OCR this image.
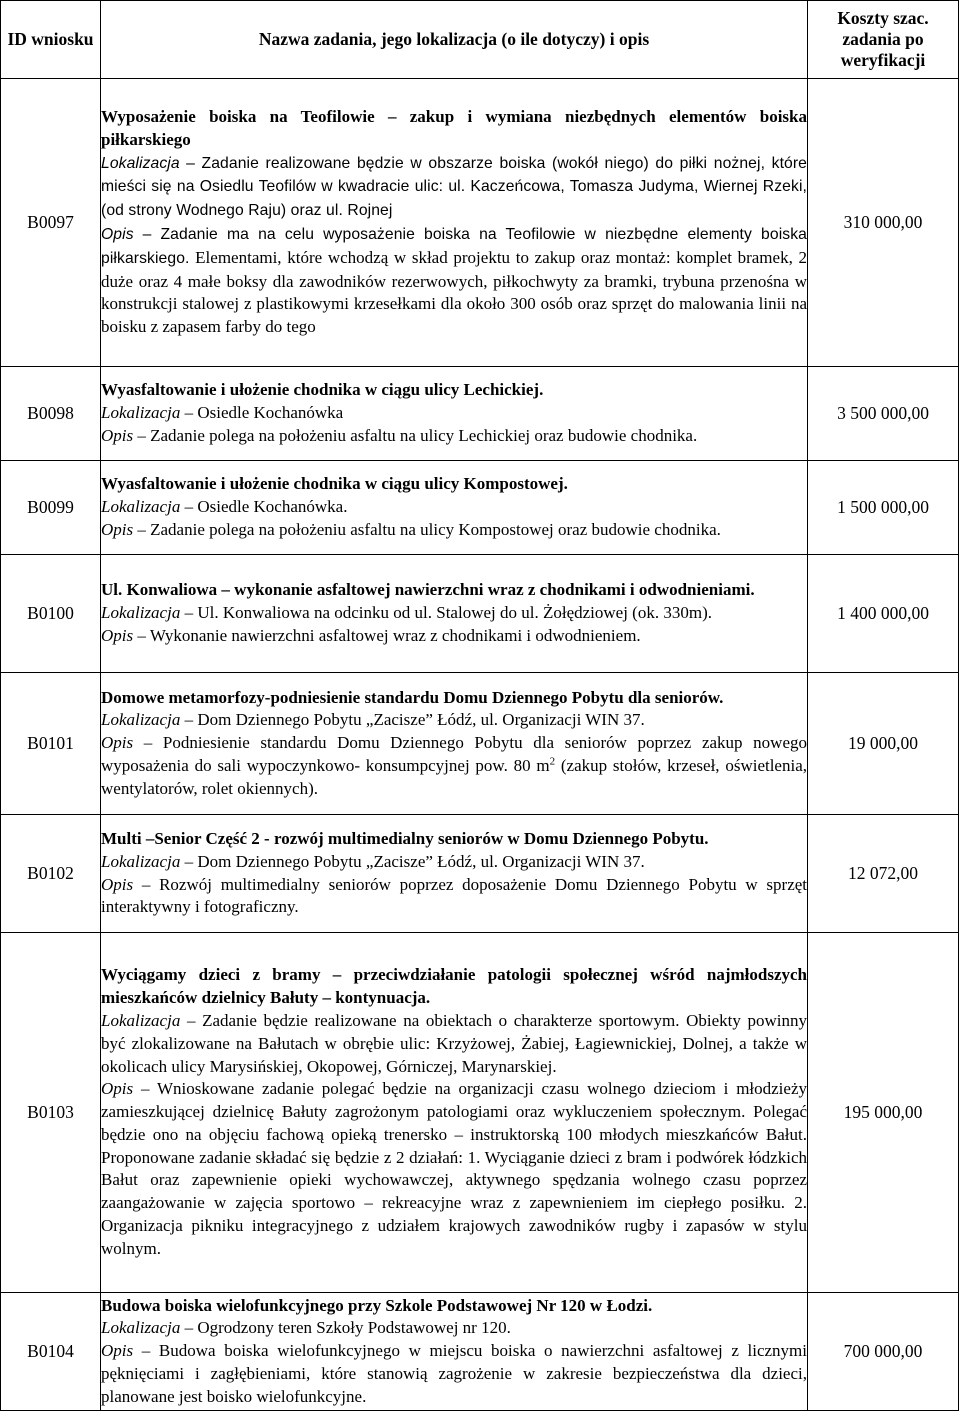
ID wniosku	Nazwa zadania, jego lokalizacja (o ile dotyczy) i opis	Koszty szac. zadania po weryfikacji
B0097	Wyposażenie boiska na Teofilowie – zakup i wymiana niezbędnych elementów boiska piłkarskiego

Lokalizacja – Zadanie realizowane będzie w obszarze boiska (wokół niego) do piłki nożnej, które mieści się na Osiedlu Teofilów w kwadracie ulic: ul. Kaczeńcowa, Tomasza Judyma, Wiernej Rzeki, (od strony Wodnego Raju) oraz ul. Rojnej

Opis – Zadanie ma na celu wyposażenie boiska na Teofilowie w niezbędne elementy boiska piłkarskiego. Elementami, które wchodzą w skład projektu to zakup oraz montaż: komplet bramek, 2 duże oraz 4 małe boksy dla zawodników rezerwowych, piłkochwyty za bramki, trybuna przenośna w konstrukcji stalowej z plastikowymi krzesełkami dla około 300 osób oraz sprzęt do malowania linii na boisku z zapasem farby do tego	310 000,00
B0098	Wyasfaltowanie i ułożenie chodnika w ciągu ulicy Lechickiej.

Lokalizacja – Osiedle Kochanówka

Opis – Zadanie polega na położeniu asfaltu na ulicy Lechickiej oraz budowie chodnika.	3 500 000,00
B0099	Wyasfaltowanie i ułożenie chodnika w ciągu ulicy Kompostowej.

Lokalizacja – Osiedle Kochanówka.

Opis – Zadanie polega na położeniu asfaltu na ulicy Kompostowej oraz budowie chodnika.	1 500 000,00
B0100	Ul. Konwaliowa – wykonanie asfaltowej nawierzchni wraz z chodnikami i odwodnieniami.

Lokalizacja – Ul. Konwaliowa na odcinku od ul. Stalowej do ul. Żołędziowej (ok. 330m).

Opis – Wykonanie nawierzchni asfaltowej wraz z chodnikami i odwodnieniem.	1 400 000,00
B0101	Domowe metamorfozy-podniesienie standardu Domu Dziennego Pobytu dla seniorów.

Lokalizacja – Dom Dziennego Pobytu „Zacisze” Łódź, ul. Organizacji WIN 37.

Opis – Podniesienie standardu Domu Dziennego Pobytu dla seniorów poprzez zakup nowego wyposażenia do sali wypoczynkowo- konsumpcyjnej pow. 80 $m^2$ (zakup stołów, krzeseł, oświetlenia, wentylatorów, rolet okiennych).	19 000,00
B0102	Multi –Senior Część 2 - rozwój multimedialny seniorów w Domu Dziennego Pobytu.

Lokalizacja – Dom Dziennego Pobytu „Zacisze” Łódź, ul. Organizacji WIN 37.

Opis – Rozwój multimedialny seniorów poprzez doposażenie Domu Dziennego Pobytu w sprzęt interaktywny i fotograficzny.	12 072,00
B0103	Wyciągamy dzieci z bramy – przeciwdziałanie patologii społecznej wśród najmłodszych mieszkańców dzielnicy Bałuty – kontynuacja.

Lokalizacja – Zadanie będzie realizowane na obiektach o charakterze sportowym. Obiekty powinny być zlokalizowane na Bałutach w obrębie ulic: Krzyżowej, Żabiej, Łagiewnickiej, Dolnej, a także w okolicach ulicy Marysińskiej, Okopowej, Górniczej, Marynarskiej.

Opis – Wnioskowane zadanie polegać będzie na organizacji czasu wolnego dzieciom i młodzieży zamieszkującej dzielnicę Bałuty zagrożonym patologiami oraz wykluczeniem społecznym. Polegać będzie ono na objęciu fachową opieką trenersko – instruktorską 100 młodych mieszkańców Bałut. Proponowane zadanie składać się będzie z 2 działań: 1. Wyciąganie dzieci z bram i podwórek łódzkich Bałut oraz zapewnienie opieki wychowawczej, aktywnego spędzania wolnego czasu poprzez zaangażowanie w zajęcia sportowo – rekreacyjne wraz z zapewnieniem im ciepłego posiłku. 2. Organizacja pikniku integracyjnego z udziałem krajowych zawodników rugby i zapasów w stylu wolnym.	195 000,00
B0104	Budowa boiska wielofunkcyjnego przy Szkole Podstawowej Nr 120 w Łodzi.

Lokalizacja – Ogrodzony teren Szkoły Podstawowej nr 120.

Opis – Budowa boiska wielofunkcyjnego w miejscu boiska o nawierzchni asfaltowej z licznymi pęknięciami i zagłębieniami, które stanowią zagrożenie w zakresie bezpieczeństwa dla dzieci, planowane jest boisko wielofunkcyjne.	700 000,00
